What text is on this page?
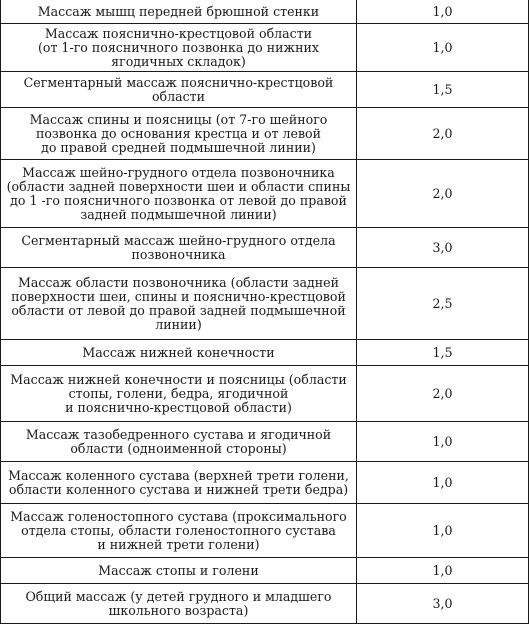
Массаж мышц передней брюшной стенки	1,0
Массаж пояснично-крестцовой области
(от 1-го поясничного позвонка до нижних
ягодичных складок)	1,0
Сегментарный массаж пояснично-крестцовой
области	1,5
Массаж спины и поясницы (от 7-го шейного
позвонка до основания крестца и от левой
до правой средней подмышечной линии)	2,0
Массаж шейно-грудного отдела позвоночника
(области задней поверхности шеи и области спины
до 1 -го поясничного позвонка от левой до правой
задней подмышечной линии)	2,0
Сегментарный массаж шейно-грудного отдела
позвоночника	3,0
Массаж области позвоночника (области задней
поверхности шеи, спины и пояснично-крестцовой
области от левой до правой задней подмышечной
линии)	2,5
Массаж нижней конечности	1,5
Массаж нижней конечности и поясницы (области
стопы, голени, бедра, ягодичной
и пояснично-крестцовой области)	2,0
Массаж тазобедренного сустава и ягодичной
области (одноименной стороны)	1,0
Массаж коленного сустава (верхней трети голени,
области коленного сустава и нижней трети бедра)	1,0
Массаж голеностопного сустава (проксимального
отдела стопы, области голеностопного сустава
и нижней трети голени)	1,0
Массаж стопы и голени	1,0
Общий массаж (у детей грудного и младшего
школьного возраста)	3,0
